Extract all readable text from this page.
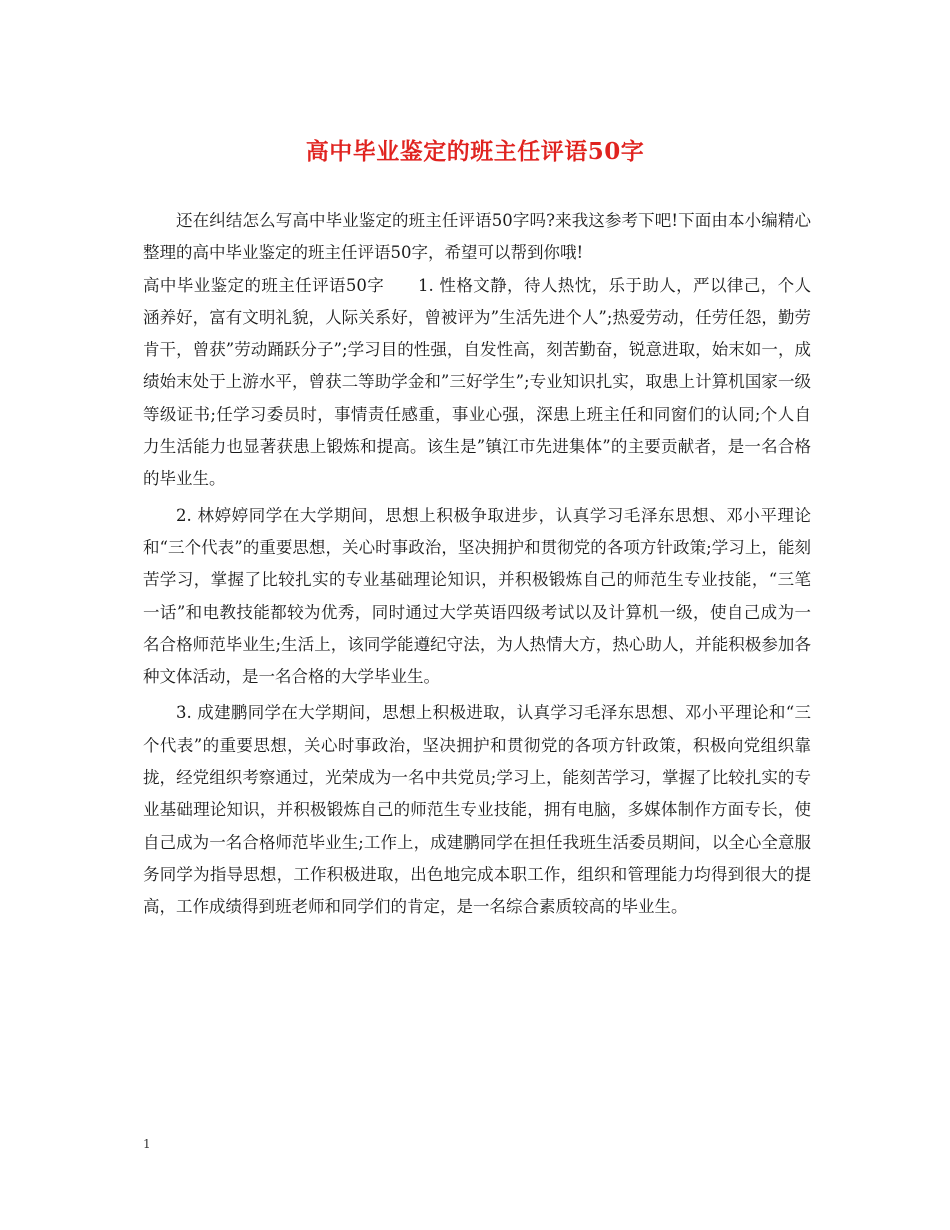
高中毕业鉴定的班主任评语50字

还在纠结怎么写高中毕业鉴定的班主任评语50字吗?来我这参考下吧!下面由本小编精心整理的高中毕业鉴定的班主任评语50字，希望可以帮到你哦!

高中毕业鉴定的班主任评语50字　　1. 性格文静，待人热忱，乐于助人，严以律己，个人涵养好，富有文明礼貌，人际关系好，曾被评为”生活先进个人”;热爱劳动，任劳任怨，勤劳肯干，曾获”劳动踊跃分子”;学习目的性强，自发性高，刻苦勤奋，锐意进取，始末如一，成绩始末处于上游水平，曾获二等助学金和”三好学生”;专业知识扎实，取患上计算机国家一级等级证书;任学习委员时，事情责任感重，事业心强，深患上班主任和同窗们的认同;个人自力生活能力也显著获患上锻炼和提高。该生是”镇江市先进集体”的主要贡献者，是一名合格的毕业生。

2. 林婷婷同学在大学期间，思想上积极争取进步，认真学习毛泽东思想、邓小平理论和“三个代表”的重要思想，关心时事政治，坚决拥护和贯彻党的各项方针政策;学习上，能刻苦学习，掌握了比较扎实的专业基础理论知识，并积极锻炼自己的师范生专业技能，“三笔一话”和电教技能都较为优秀，同时通过大学英语四级考试以及计算机一级，使自己成为一名合格师范毕业生;生活上，该同学能遵纪守法，为人热情大方，热心助人，并能积极参加各种文体活动，是一名合格的大学毕业生。

3. 成建鹏同学在大学期间，思想上积极进取，认真学习毛泽东思想、邓小平理论和“三个代表”的重要思想，关心时事政治，坚决拥护和贯彻党的各项方针政策，积极向党组织靠拢，经党组织考察通过，光荣成为一名中共党员;学习上，能刻苦学习，掌握了比较扎实的专业基础理论知识，并积极锻炼自己的师范生专业技能，拥有电脑，多媒体制作方面专长，使自己成为一名合格师范毕业生;工作上，成建鹏同学在担任我班生活委员期间，以全心全意服务同学为指导思想，工作积极进取，出色地完成本职工作，组织和管理能力均得到很大的提高，工作成绩得到班老师和同学们的肯定，是一名综合素质较高的毕业生。

1
